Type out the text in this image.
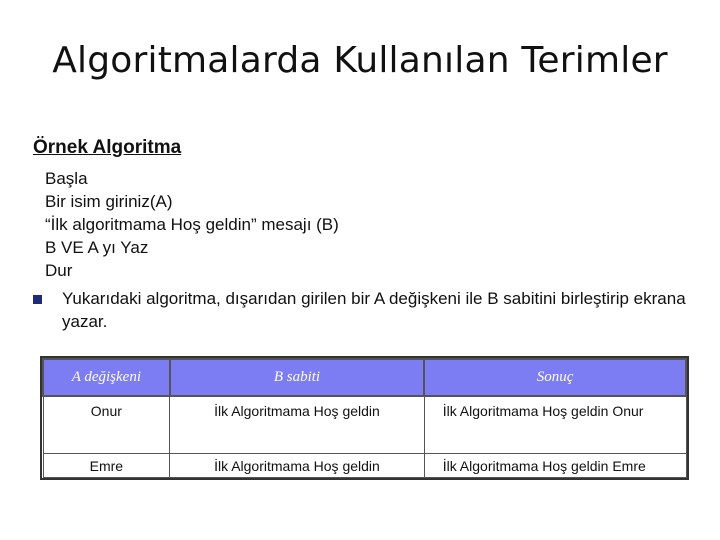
Algoritmalarda Kullanılan Terimler
Örnek Algoritma
Başla
Bir isim giriniz(A)
“İlk algoritmama Hoş geldin” mesajı (B)
B VE A yı Yaz
Dur
Yukarıdaki algoritma, dışarıdan girilen bir A değişkeni ile B sabitini birleştirip ekrana yazar.
A değişkeni	B sabiti	Sonuç
Onur	İlk Algoritmama Hoş geldin	İlk Algoritmama Hoş geldin Onur
Emre	İlk Algoritmama Hoş geldin	İlk Algoritmama Hoş geldin Emre
